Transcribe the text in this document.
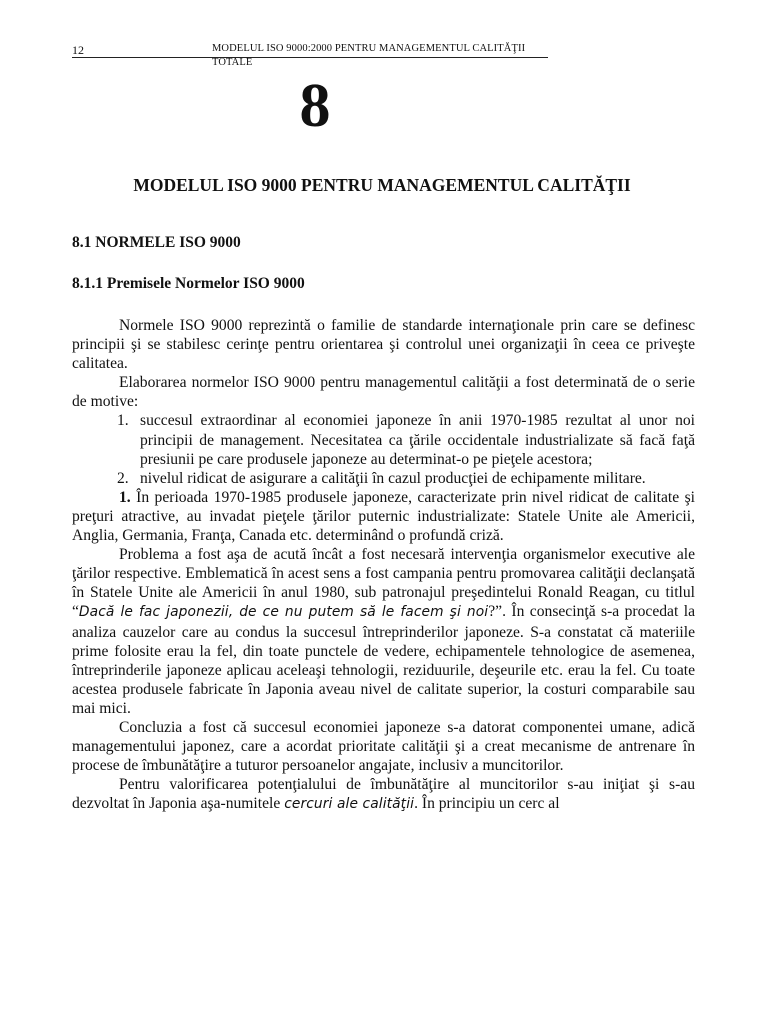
12	MODELUL ISO 9000:2000 PENTRU MANAGEMENTUL CALITĂŢII TOTALE
8
MODELUL ISO 9000 PENTRU MANAGEMENTUL CALITĂŢII
8.1 NORMELE ISO 9000
8.1.1 Premisele Normelor ISO 9000

Normele ISO 9000 reprezintă o familie de standarde internaţionale prin care se definesc principii şi se stabilesc cerinţe pentru orientarea şi controlul unei organizaţii în ceea ce priveşte calitatea.

Elaborarea normelor ISO 9000 pentru managementul calităţii a fost determinată de o serie de motive:

1. succesul extraordinar al economiei japoneze în anii 1970-1985 rezultat al unor noi principii de management. Necesitatea ca ţările occidentale industrializate să facă faţă presiunii pe care produsele japoneze au determinat-o pe pieţele acestora;
2. nivelul ridicat de asigurare a calităţii în cazul producţiei de echipamente militare.

1. În perioada 1970-1985 produsele japoneze, caracterizate prin nivel ridicat de calitate şi preţuri atractive, au invadat pieţele ţărilor puternic industrializate: Statele Unite ale Americii, Anglia, Germania, Franţa, Canada etc. determinând o profundă criză.

Problema a fost aşa de acută încât a fost necesară intervenţia organismelor executive ale ţărilor respective. Emblematică în acest sens a fost campania pentru promovarea calităţii declanşată în Statele Unite ale Americii în anul 1980, sub patronajul preşedintelui Ronald Reagan, cu titlul “Dacă le fac japonezii, de ce nu putem să le facem şi noi?”. În consecinţă s-a procedat la analiza cauzelor care au condus la succesul întreprinderilor japoneze. S-a constatat că materiile prime folosite erau la fel, din toate punctele de vedere, echipamentele tehnologice de asemenea, întreprinderile japoneze aplicau aceleaşi tehnologii, reziduurile, deşeurile etc. erau la fel. Cu toate acestea produsele fabricate în Japonia aveau nivel de calitate superior, la costuri comparabile sau mai mici.

Concluzia a fost că succesul economiei japoneze s-a datorat componentei umane, adică managementului japonez, care a acordat prioritate calităţii şi a creat mecanisme de antrenare în procese de îmbunătăţire a tuturor persoanelor angajate, inclusiv a muncitorilor.

Pentru valorificarea potenţialului de îmbunătăţire al muncitorilor s-au iniţiat şi s-au dezvoltat în Japonia aşa-numitele cercuri ale calităţii. În principiu un cerc al
